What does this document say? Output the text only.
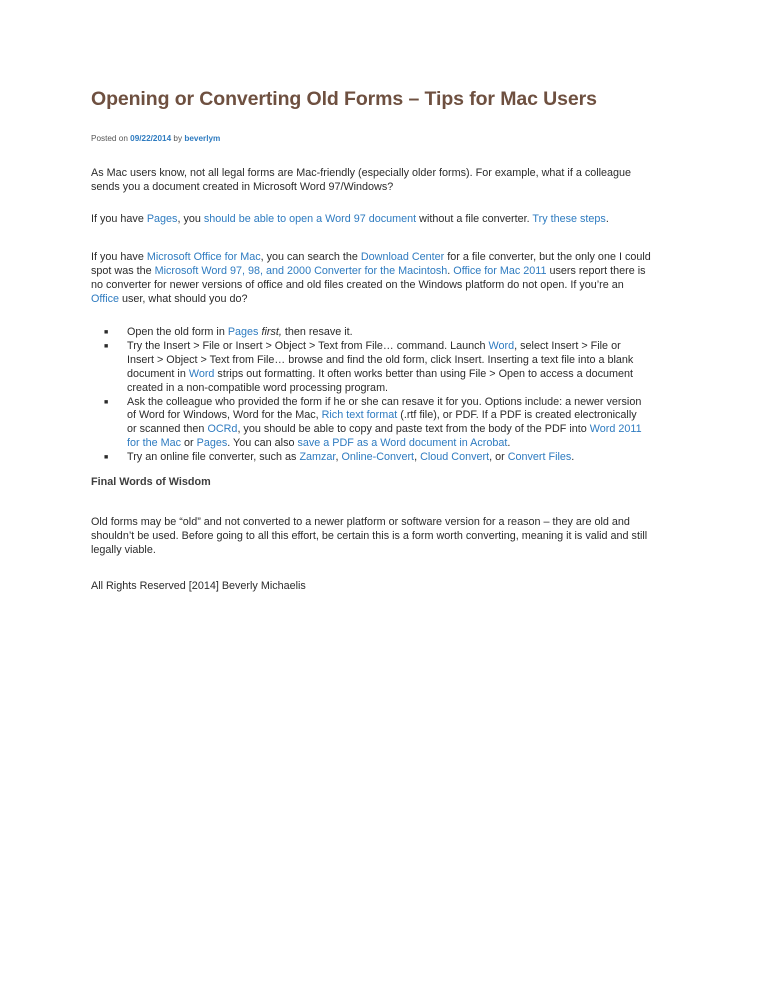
Opening or Converting Old Forms – Tips for Mac Users
Posted on 09/22/2014 by beverlym

As Mac users know, not all legal forms are Mac-friendly (especially older forms). For example, what if a colleague
sends you a document created in Microsoft Word 97/Windows?

If you have Pages, you should be able to open a Word 97 document without a file converter. Try these steps.

If you have Microsoft Office for Mac, you can search the Download Center for a file converter, but the only one I could
spot was the Microsoft Word 97, 98, and 2000 Converter for the Macintosh. Office for Mac 2011 users report there is
no converter for newer versions of office and old files created on the Windows platform do not open. If you’re an
Office user, what should you do?

■ Open the old form in Pages first, then resave it.
■ Try the Insert > File or Insert > Object > Text from File… command. Launch Word, select Insert > File or
Insert > Object > Text from File… browse and find the old form, click Insert. Inserting a text file into a blank
document in Word strips out formatting. It often works better than using File > Open to access a document
created in a non-compatible word processing program.
■ Ask the colleague who provided the form if he or she can resave it for you. Options include: a newer version
of Word for Windows, Word for the Mac, Rich text format (.rtf file), or PDF. If a PDF is created electronically
or scanned then OCRd, you should be able to copy and paste text from the body of the PDF into Word 2011
for the Mac or Pages. You can also save a PDF as a Word document in Acrobat.
■ Try an online file converter, such as Zamzar, Online-Convert, Cloud Convert, or Convert Files.
Final Words of Wisdom

Old forms may be “old” and not converted to a newer platform or software version for a reason – they are old and
shouldn’t be used. Before going to all this effort, be certain this is a form worth converting, meaning it is valid and still
legally viable.

All Rights Reserved [2014] Beverly Michaelis
